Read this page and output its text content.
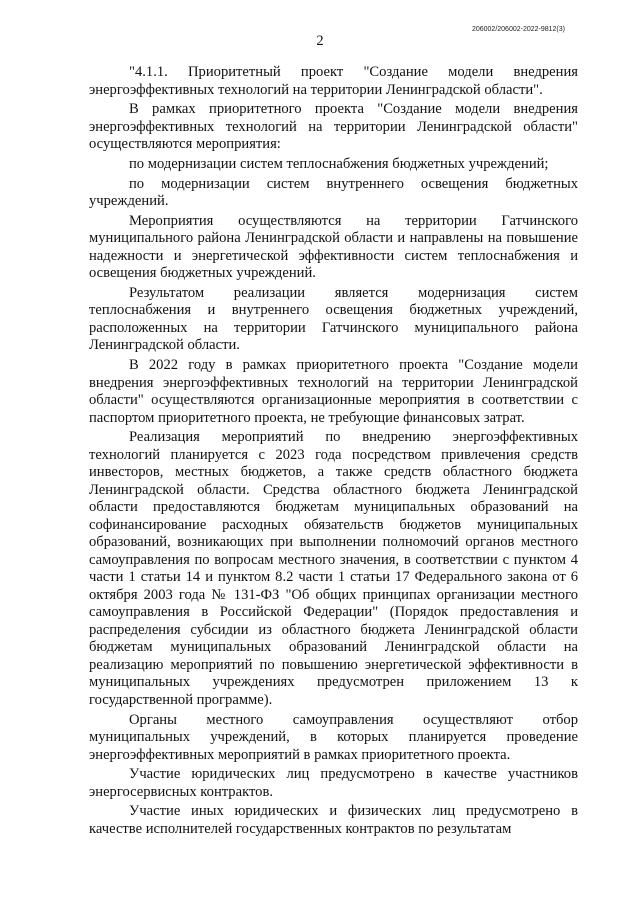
206002/206002-2022-9812(3)
2

"4.1.1. Приоритетный проект "Создание модели внедрения энергоэффективных технологий на территории Ленинградской области".

В рамках приоритетного проекта "Создание модели внедрения энергоэффективных технологий на территории Ленинградской области" осуществляются мероприятия:

по модернизации систем теплоснабжения бюджетных учреждений;

по модернизации систем внутреннего освещения бюджетных учреждений.

Мероприятия осуществляются на территории Гатчинского муниципального района Ленинградской области и направлены на повышение надежности и энергетической эффективности систем теплоснабжения и освещения бюджетных учреждений.

Результатом реализации является модернизация систем теплоснабжения и внутреннего освещения бюджетных учреждений, расположенных на территории Гатчинского муниципального района Ленинградской области.

В 2022 году в рамках приоритетного проекта "Создание модели внедрения энергоэффективных технологий на территории Ленинградской области" осуществляются организационные мероприятия в соответствии с паспортом приоритетного проекта, не требующие финансовых затрат.

Реализация мероприятий по внедрению энергоэффективных технологий планируется с 2023 года посредством привлечения средств инвесторов, местных бюджетов, а также средств областного бюджета Ленинградской области. Средства областного бюджета Ленинградской области предоставляются бюджетам муниципальных образований на софинансирование расходных обязательств бюджетов муниципальных образований, возникающих при выполнении полномочий органов местного самоуправления по вопросам местного значения, в соответствии с пунктом 4 части 1 статьи 14 и пунктом 8.2 части 1 статьи 17 Федерального закона от 6 октября 2003 года № 131-ФЗ "Об общих принципах организации местного самоуправления в Российской Федерации" (Порядок предоставления и распределения субсидии из областного бюджета Ленинградской области бюджетам муниципальных образований Ленинградской области на реализацию мероприятий по повышению энергетической эффективности в муниципальных учреждениях предусмотрен приложением 13 к государственной программе).

Органы местного самоуправления осуществляют отбор муниципальных учреждений, в которых планируется проведение энергоэффективных мероприятий в рамках приоритетного проекта.

Участие юридических лиц предусмотрено в качестве участников энергосервисных контрактов.

Участие иных юридических и физических лиц предусмотрено в качестве исполнителей государственных контрактов по результатам
